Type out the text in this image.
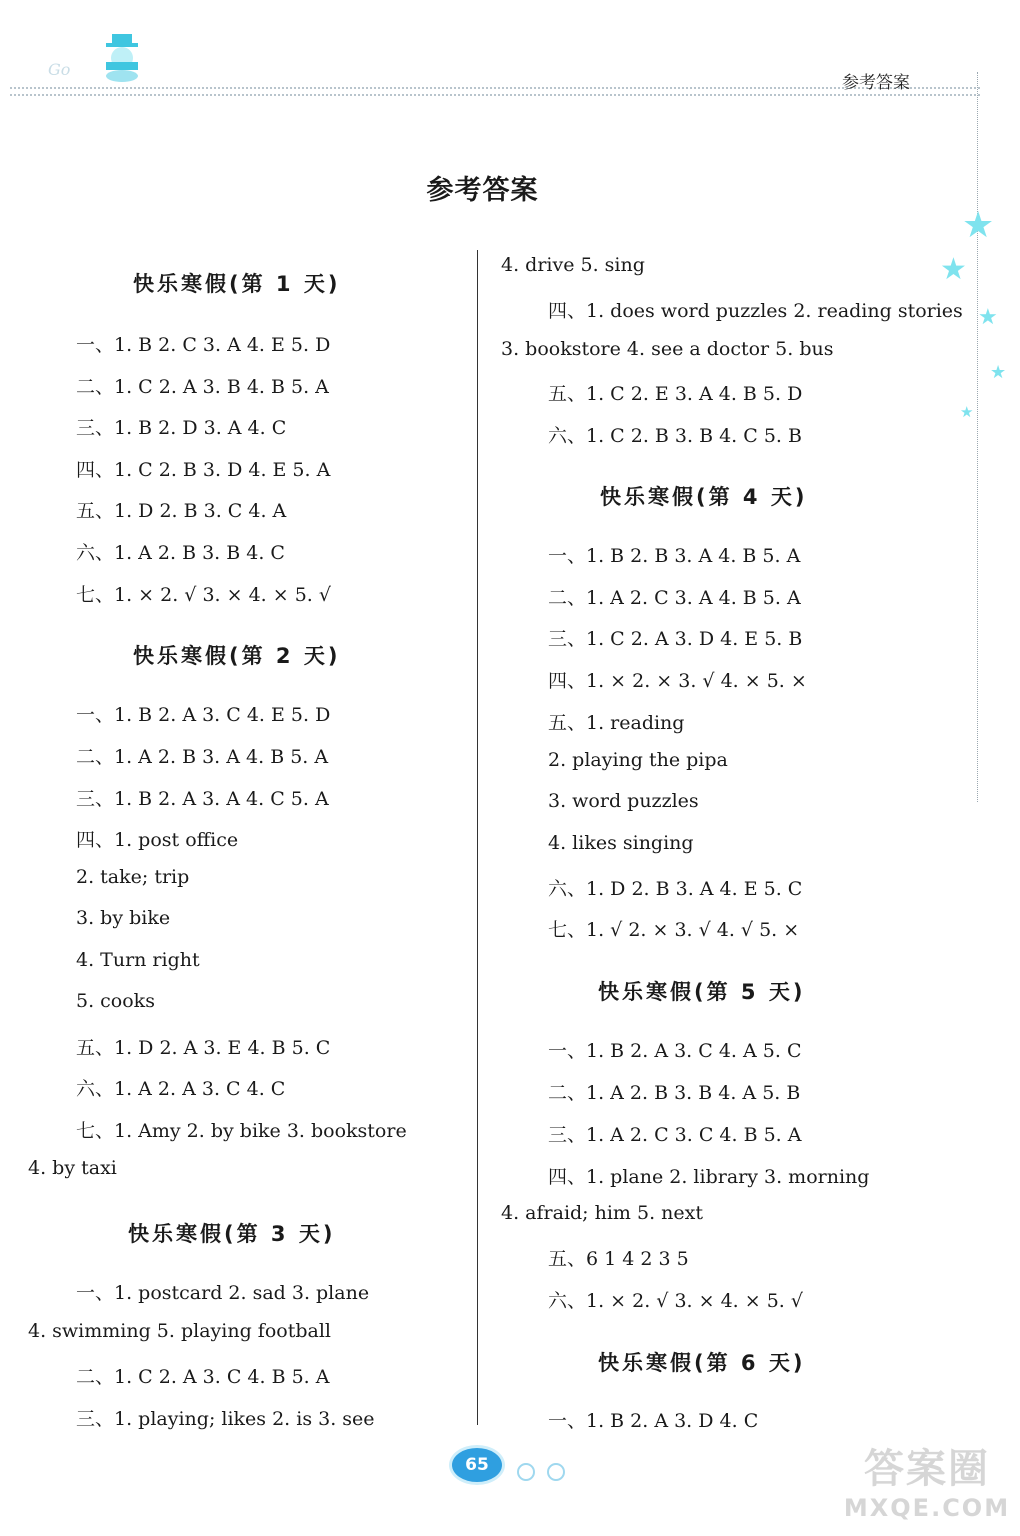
Go
参考答案
★
★
★
★
★
参考答案
快乐寒假(第 1 天)
一、1. B 2. C 3. A 4. E 5. D
二、1. C 2. A 3. B 4. B 5. A
三、1. B 2. D 3. A 4. C
四、1. C 2. B 3. D 4. E 5. A
五、1. D 2. B 3. C 4. A
六、1. A 2. B 3. B 4. C
七、1. × 2. √ 3. × 4. × 5. √
快乐寒假(第 2 天)
一、1. B 2. A 3. C 4. E 5. D
二、1. A 2. B 3. A 4. B 5. A
三、1. B 2. A 3. A 4. C 5. A
四、1. post office
2. take; trip
3. by bike
4. Turn right
5. cooks
五、1. D 2. A 3. E 4. B 5. C
六、1. A 2. A 3. C 4. C
七、1. Amy 2. by bike 3. bookstore
4. by taxi
快乐寒假(第 3 天)
一、1. postcard 2. sad 3. plane
4. swimming 5. playing football
二、1. C 2. A 3. C 4. B 5. A
三、1. playing; likes 2. is 3. see
4. drive 5. sing
四、1. does word puzzles 2. reading stories
3. bookstore 4. see a doctor 5. bus
五、1. C 2. E 3. A 4. B 5. D
六、1. C 2. B 3. B 4. C 5. B
快乐寒假(第 4 天)
一、1. B 2. B 3. A 4. B 5. A
二、1. A 2. C 3. A 4. B 5. A
三、1. C 2. A 3. D 4. E 5. B
四、1. × 2. × 3. √ 4. × 5. ×
五、1. reading
2. playing the pipa
3. word puzzles
4. likes singing
六、1. D 2. B 3. A 4. E 5. C
七、1. √ 2. × 3. √ 4. √ 5. ×
快乐寒假(第 5 天)
一、1. B 2. A 3. C 4. A 5. C
二、1. A 2. B 3. B 4. A 5. B
三、1. A 2. C 3. C 4. B 5. A
四、1. plane 2. library 3. morning
4. afraid; him 5. next
五、6 1 4 2 3 5
六、1. × 2. √ 3. × 4. × 5. √
快乐寒假(第 6 天)
一、1. B 2. A 3. D 4. C
65	答案圈
MXQE.COM
